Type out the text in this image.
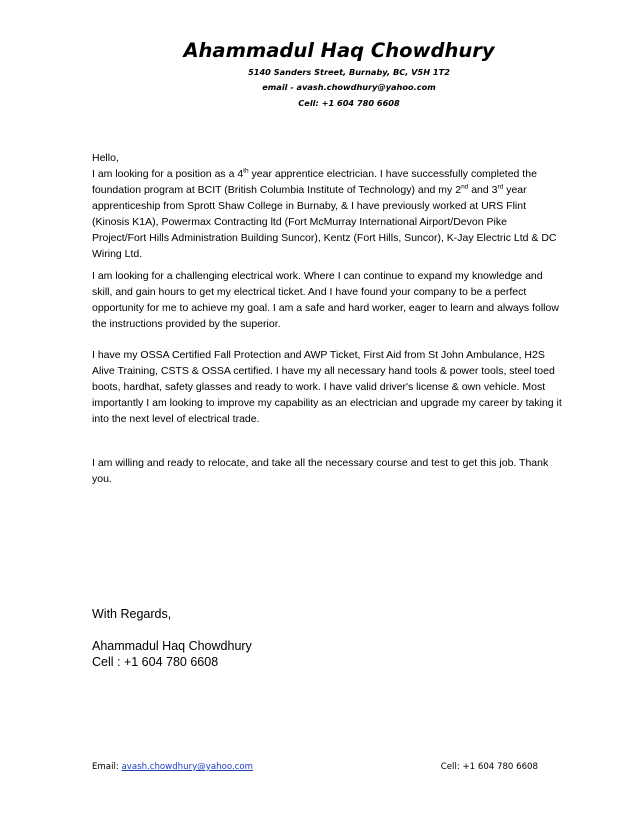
Ahammadul Haq Chowdhury
5140 Sanders Street, Burnaby, BC, V5H 1T2
email - avash.chowdhury@yahoo.com
Cell: +1 604 780 6608
Hello,
I am looking for a position as a 4th year apprentice electrician. I have successfully completed the foundation program at BCIT (British Columbia Institute of Technology) and my 2nd and 3rd year apprenticeship from Sprott Shaw College in Burnaby, & I have previously worked at URS Flint (Kinosis K1A), Powermax Contracting ltd (Fort McMurray International Airport/Devon Pike Project/Fort Hills Administration Building Suncor), Kentz (Fort Hills, Suncor), K-Jay Electric Ltd & DC Wiring Ltd.

I am looking for a challenging electrical work. Where I can continue to expand my knowledge and skill, and gain hours to get my electrical ticket. And I have found your company to be a perfect opportunity for me to achieve my goal. I am a safe and hard worker, eager to learn and always follow the instructions provided by the superior.

I have my OSSA Certified Fall Protection and AWP Ticket, First Aid from St John Ambulance, H2S Alive Training, CSTS & OSSA certified. I have my all necessary hand tools & power tools, steel toed boots, hardhat, safety glasses and ready to work. I have valid driver's license & own vehicle. Most importantly I am looking to improve my capability as an electrician and upgrade my career by taking it into the next level of electrical trade.

I am willing and ready to relocate, and take all the necessary course and test to get this job. Thank you.

With Regards,
Ahammadul Haq Chowdhury
Cell : +1 604 780 6608
Email: avash.chowdhury@yahoo.com	Cell: +1 604 780 6608
